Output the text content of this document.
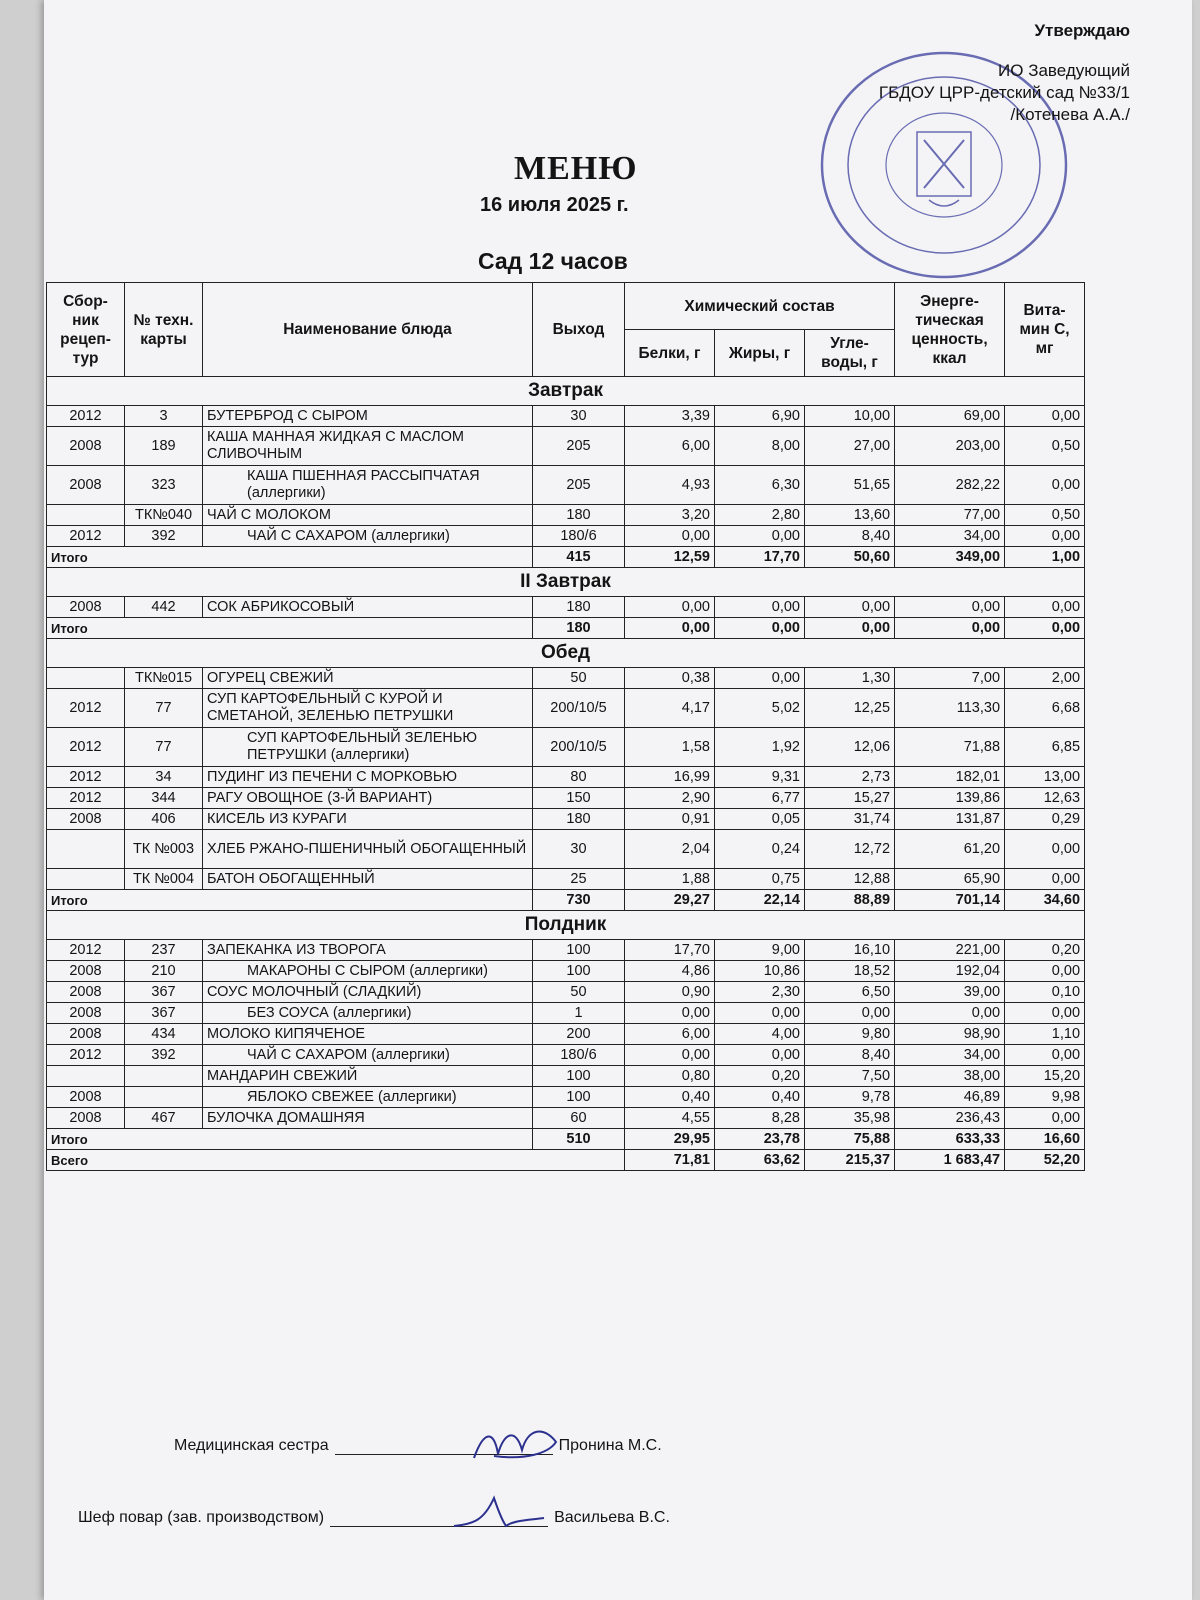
Утверждаю
ИО Заведующий
ГБДОУ ЦРР-детский сад №33/1
/Котенева А.А./
МЕНЮ
16 июля 2025 г.
Сад 12 часов
Сбор-ник рецеп-тур	№ техн. карты	Наименование блюда	Выход	Химический состав			Энерге-тическая ценность, ккал	Вита-мин С, мг
				Белки, г	Жиры, г	Угле-воды, г		
Завтрак								
2012	3	БУТЕРБРОД С СЫРОМ	30	3,39	6,90	10,00	69,00	0,00
2008	189	КАША МАННАЯ ЖИДКАЯ С МАСЛОМ СЛИВОЧНЫМ	205	6,00	8,00	27,00	203,00	0,50
2008	323	КАША ПШЕННАЯ РАССЫПЧАТАЯ (аллергики)	205	4,93	6,30	51,65	282,22	0,00
	ТК№040	ЧАЙ С МОЛОКОМ	180	3,20	2,80	13,60	77,00	0,50
2012	392	ЧАЙ С САХАРОМ (аллергики)	180/6	0,00	0,00	8,40	34,00	0,00
Итого			415	12,59	17,70	50,60	349,00	1,00
II Завтрак								
2008	442	СОК АБРИКОСОВЫЙ	180	0,00	0,00	0,00	0,00	0,00
Итого			180	0,00	0,00	0,00	0,00	0,00
Обед								
	ТК№015	ОГУРЕЦ СВЕЖИЙ	50	0,38	0,00	1,30	7,00	2,00
2012	77	СУП КАРТОФЕЛЬНЫЙ С КУРОЙ И СМЕТАНОЙ, ЗЕЛЕНЬЮ ПЕТРУШКИ	200/10/5	4,17	5,02	12,25	113,30	6,68
2012	77	СУП КАРТОФЕЛЬНЫЙ ЗЕЛЕНЬЮ ПЕТРУШКИ (аллергики)	200/10/5	1,58	1,92	12,06	71,88	6,85
2012	34	ПУДИНГ ИЗ ПЕЧЕНИ С МОРКОВЬЮ	80	16,99	9,31	2,73	182,01	13,00
2012	344	РАГУ ОВОЩНОЕ (3-Й ВАРИАНТ)	150	2,90	6,77	15,27	139,86	12,63
2008	406	КИСЕЛЬ ИЗ КУРАГИ	180	0,91	0,05	31,74	131,87	0,29
	ТК №003	ХЛЕБ РЖАНО-ПШЕНИЧНЫЙ ОБОГАЩЕННЫЙ	30	2,04	0,24	12,72	61,20	0,00
	ТК №004	БАТОН ОБОГАЩЕННЫЙ	25	1,88	0,75	12,88	65,90	0,00
Итого			730	29,27	22,14	88,89	701,14	34,60
Полдник								
2012	237	ЗАПЕКАНКА ИЗ ТВОРОГА	100	17,70	9,00	16,10	221,00	0,20
2008	210	МАКАРОНЫ С СЫРОМ (аллергики)	100	4,86	10,86	18,52	192,04	0,00
2008	367	СОУС МОЛОЧНЫЙ (СЛАДКИЙ)	50	0,90	2,30	6,50	39,00	0,10
2008	367	БЕЗ СОУСА (аллергики)	1	0,00	0,00	0,00	0,00	0,00
2008	434	МОЛОКО КИПЯЧЕНОЕ	200	6,00	4,00	9,80	98,90	1,10
2012	392	ЧАЙ С САХАРОМ (аллергики)	180/6	0,00	0,00	8,40	34,00	0,00
		МАНДАРИН СВЕЖИЙ	100	0,80	0,20	7,50	38,00	15,20
2008		ЯБЛОКО СВЕЖЕЕ (аллергики)	100	0,40	0,40	9,78	46,89	9,98
2008	467	БУЛОЧКА ДОМАШНЯЯ	60	4,55	8,28	35,98	236,43	0,00
Итого			510	29,95	23,78	75,88	633,33	16,60
Всего				71,81	63,62	215,37	1 683,47	52,20
Медицинская сестра	Пронина М.С.
Шеф повар (зав. производством)	Васильева В.С.
